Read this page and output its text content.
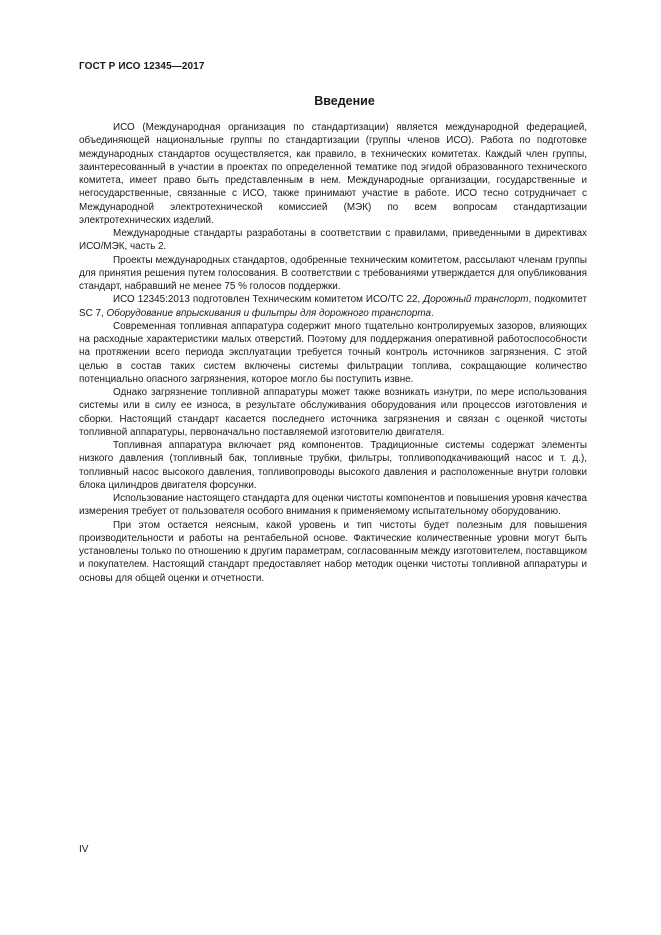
ГОСТ Р ИСО 12345—2017
Введение

ИСО (Международная организация по стандартизации) является международной федерацией, объединяющей национальные группы по стандартизации (группы членов ИСО). Работа по подготовке международных стандартов осуществляется, как правило, в технических комитетах. Каждый член группы, заинтересованный в участии в проектах по определенной тематике под эгидой образованного технического комитета, имеет право быть представленным в нем. Международные организации, государственные и негосударственные, связанные с ИСО, также принимают участие в работе. ИСО тесно сотрудничает с Международной электротехнической комиссией (МЭК) по всем вопросам стандартизации электротехнических изделий.

Международные стандарты разработаны в соответствии с правилами, приведенными в директивах ИСО/МЭК, часть 2.

Проекты международных стандартов, одобренные техническим комитетом, рассылают членам группы для принятия решения путем голосования. В соответствии с требованиями утверждается для опубликования стандарт, набравший не менее 75 % голосов поддержки.

ИСО 12345:2013 подготовлен Техническим комитетом ИСО/ТС 22, Дорожный транспорт, подкомитет SC 7, Оборудование впрыскивания и фильтры для дорожного транспорта.

Современная топливная аппаратура содержит много тщательно контролируемых зазоров, влияющих на расходные характеристики малых отверстий. Поэтому для поддержания оперативной работоспособности на протяжении всего периода эксплуатации требуется точный контроль источников загрязнения. С этой целью в состав таких систем включены системы фильтрации топлива, сокращающие количество потенциально опасного загрязнения, которое могло бы поступить извне.

Однако загрязнение топливной аппаратуры может также возникать изнутри, по мере использования системы или в силу ее износа, в результате обслуживания оборудования или процессов изготовления и сборки. Настоящий стандарт касается последнего источника загрязнения и связан с оценкой чистоты топливной аппаратуры, первоначально поставляемой изготовителю двигателя.

Топливная аппаратура включает ряд компонентов. Традиционные системы содержат элементы низкого давления (топливный бак, топливные трубки, фильтры, топливоподкачивающий насос и т. д.), топливный насос высокого давления, топливопроводы высокого давления и расположенные внутри головки блока цилиндров двигателя форсунки.

Использование настоящего стандарта для оценки чистоты компонентов и повышения уровня качества измерения требует от пользователя особого внимания к применяемому испытательному оборудованию.

При этом остается неясным, какой уровень и тип чистоты будет полезным для повышения производительности и работы на рентабельной основе. Фактические количественные уровни могут быть установлены только по отношению к другим параметрам, согласованным между изготовителем, поставщиком и покупателем. Настоящий стандарт предоставляет набор методик оценки чистоты топливной аппаратуры и основы для общей оценки и отчетности.

IV
